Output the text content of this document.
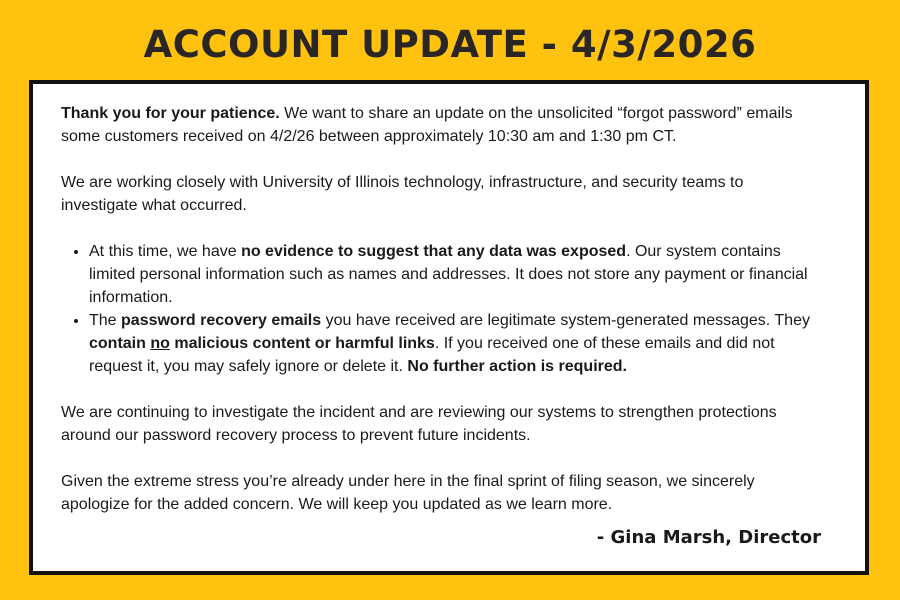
ACCOUNT UPDATE - 4/3/2026

Thank you for your patience. We want to share an update on the unsolicited “forgot password” emails some customers received on 4/2/26 between approximately 10:30 am and 1:30 pm CT.

We are working closely with University of Illinois technology, infrastructure, and security teams to investigate what occurred.

• At this time, we have no evidence to suggest that any data was exposed. Our system contains limited personal information such as names and addresses. It does not store any payment or financial information.
• The password recovery emails you have received are legitimate system-generated messages. They contain no malicious content or harmful links. If you received one of these emails and did not request it, you may safely ignore or delete it. No further action is required.

We are continuing to investigate the incident and are reviewing our systems to strengthen protections around our password recovery process to prevent future incidents.

Given the extreme stress you’re already under here in the final sprint of filing season, we sincerely apologize for the added concern. We will keep you updated as we learn more.

- Gina Marsh, Director
